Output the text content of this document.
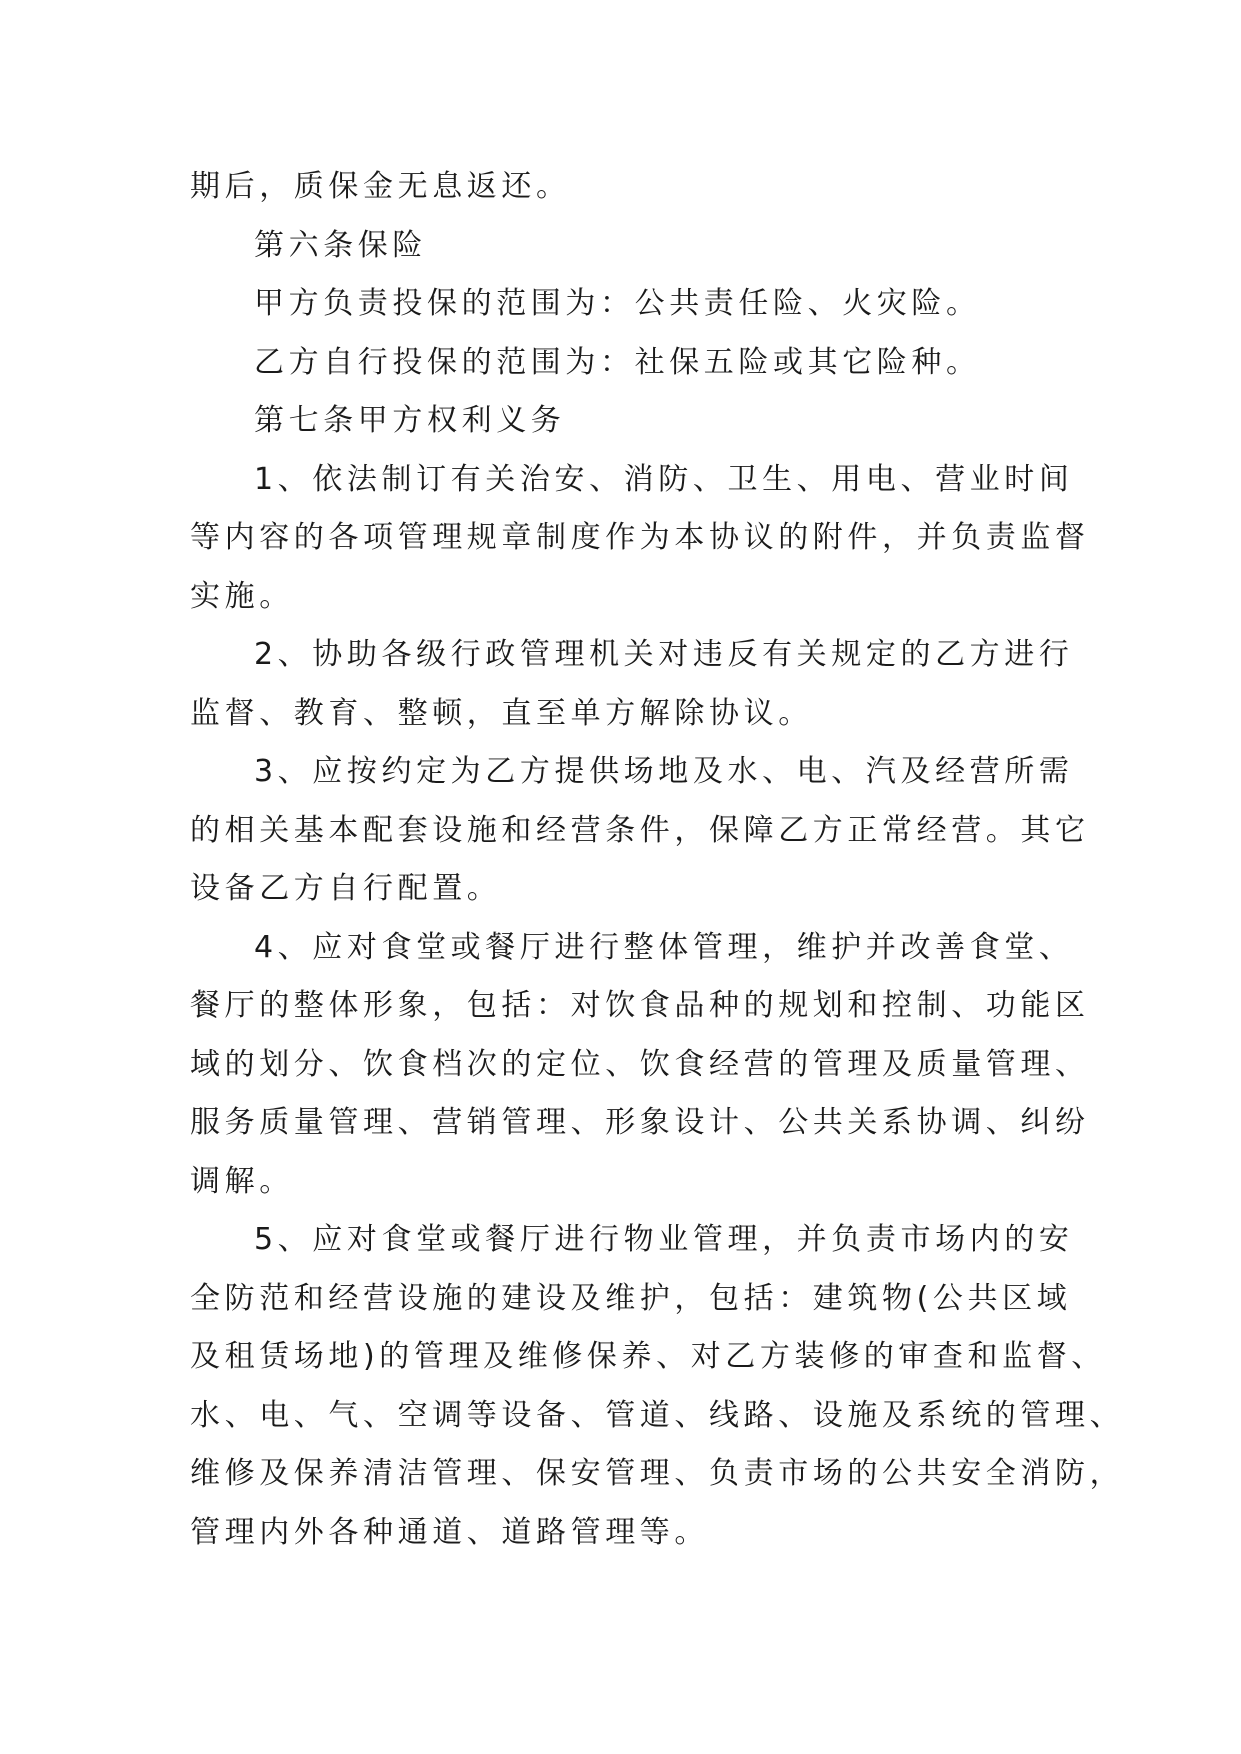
期后，质保金无息返还。
第六条保险
甲方负责投保的范围为：公共责任险、火灾险。
乙方自行投保的范围为：社保五险或其它险种。
第七条甲方权利义务
1、依法制订有关治安、消防、卫生、用电、营业时间
等内容的各项管理规章制度作为本协议的附件，并负责监督
实施。
2、协助各级行政管理机关对违反有关规定的乙方进行
监督、教育、整顿，直至单方解除协议。
3、应按约定为乙方提供场地及水、电、汽及经营所需
的相关基本配套设施和经营条件，保障乙方正常经营。其它
设备乙方自行配置。
4、应对食堂或餐厅进行整体管理，维护并改善食堂、
餐厅的整体形象，包括：对饮食品种的规划和控制、功能区
域的划分、饮食档次的定位、饮食经营的管理及质量管理、
服务质量管理、营销管理、形象设计、公共关系协调、纠纷
调解。
5、应对食堂或餐厅进行物业管理，并负责市场内的安
全防范和经营设施的建设及维护，包括：建筑物(公共区域
及租赁场地)的管理及维修保养、对乙方装修的审查和监督、
水、电、气、空调等设备、管道、线路、设施及系统的管理、
维修及保养清洁管理、保安管理、负责市场的公共安全消防，
管理内外各种通道、道路管理等。
